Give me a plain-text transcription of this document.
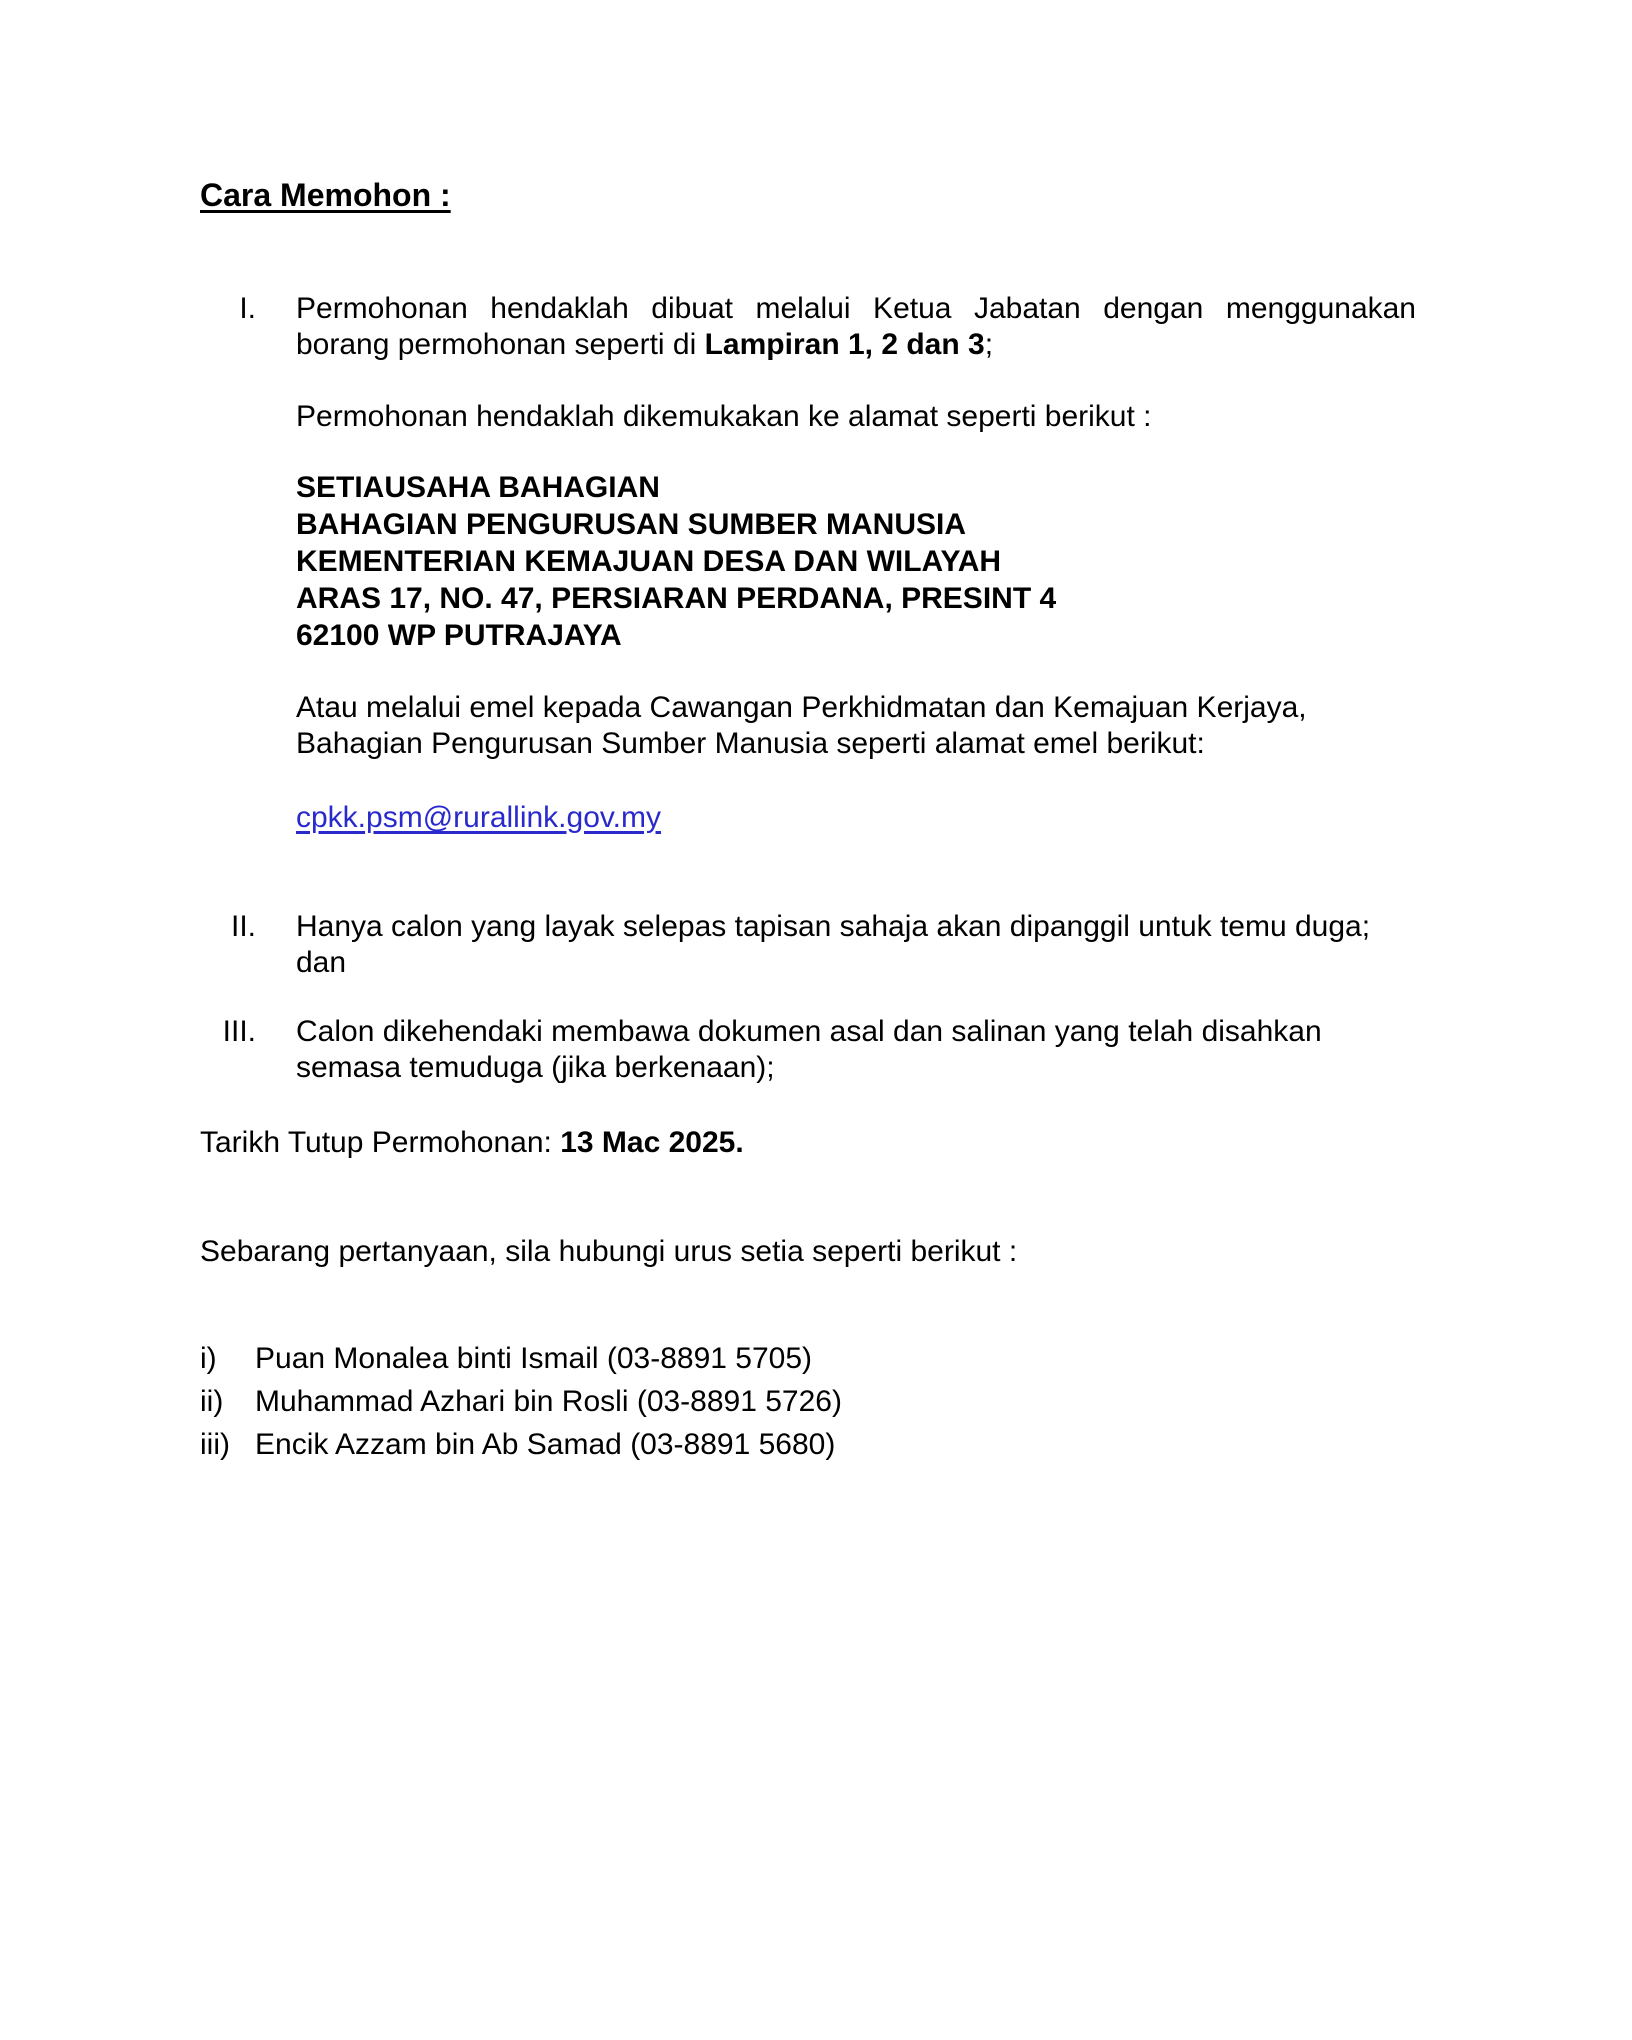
Cara Memohon :
I.	Permohonan hendaklah dibuat melalui Ketua Jabatan dengan menggunakan
borang permohonan seperti di Lampiran 1, 2 dan 3;
Permohonan hendaklah dikemukakan ke alamat seperti berikut :
SETIAUSAHA BAHAGIAN
BAHAGIAN PENGURUSAN SUMBER MANUSIA
KEMENTERIAN KEMAJUAN DESA DAN WILAYAH
ARAS 17, NO. 47, PERSIARAN PERDANA, PRESINT 4
62100 WP PUTRAJAYA
Atau melalui emel kepada Cawangan Perkhidmatan dan Kemajuan Kerjaya,
Bahagian Pengurusan Sumber Manusia seperti alamat emel berikut:
cpkk.psm@rurallink.gov.my
II.	Hanya calon yang layak selepas tapisan sahaja akan dipanggil untuk temu duga;
dan
III.	Calon dikehendaki membawa dokumen asal dan salinan yang telah disahkan
semasa temuduga (jika berkenaan);
Tarikh Tutup Permohonan: 13 Mac 2025.
Sebarang pertanyaan, sila hubungi urus setia seperti berikut :
i)	Puan Monalea binti Ismail (03-8891 5705)
ii)	Muhammad Azhari bin Rosli (03-8891 5726)
iii) Encik Azzam bin Ab Samad (03-8891 5680)
